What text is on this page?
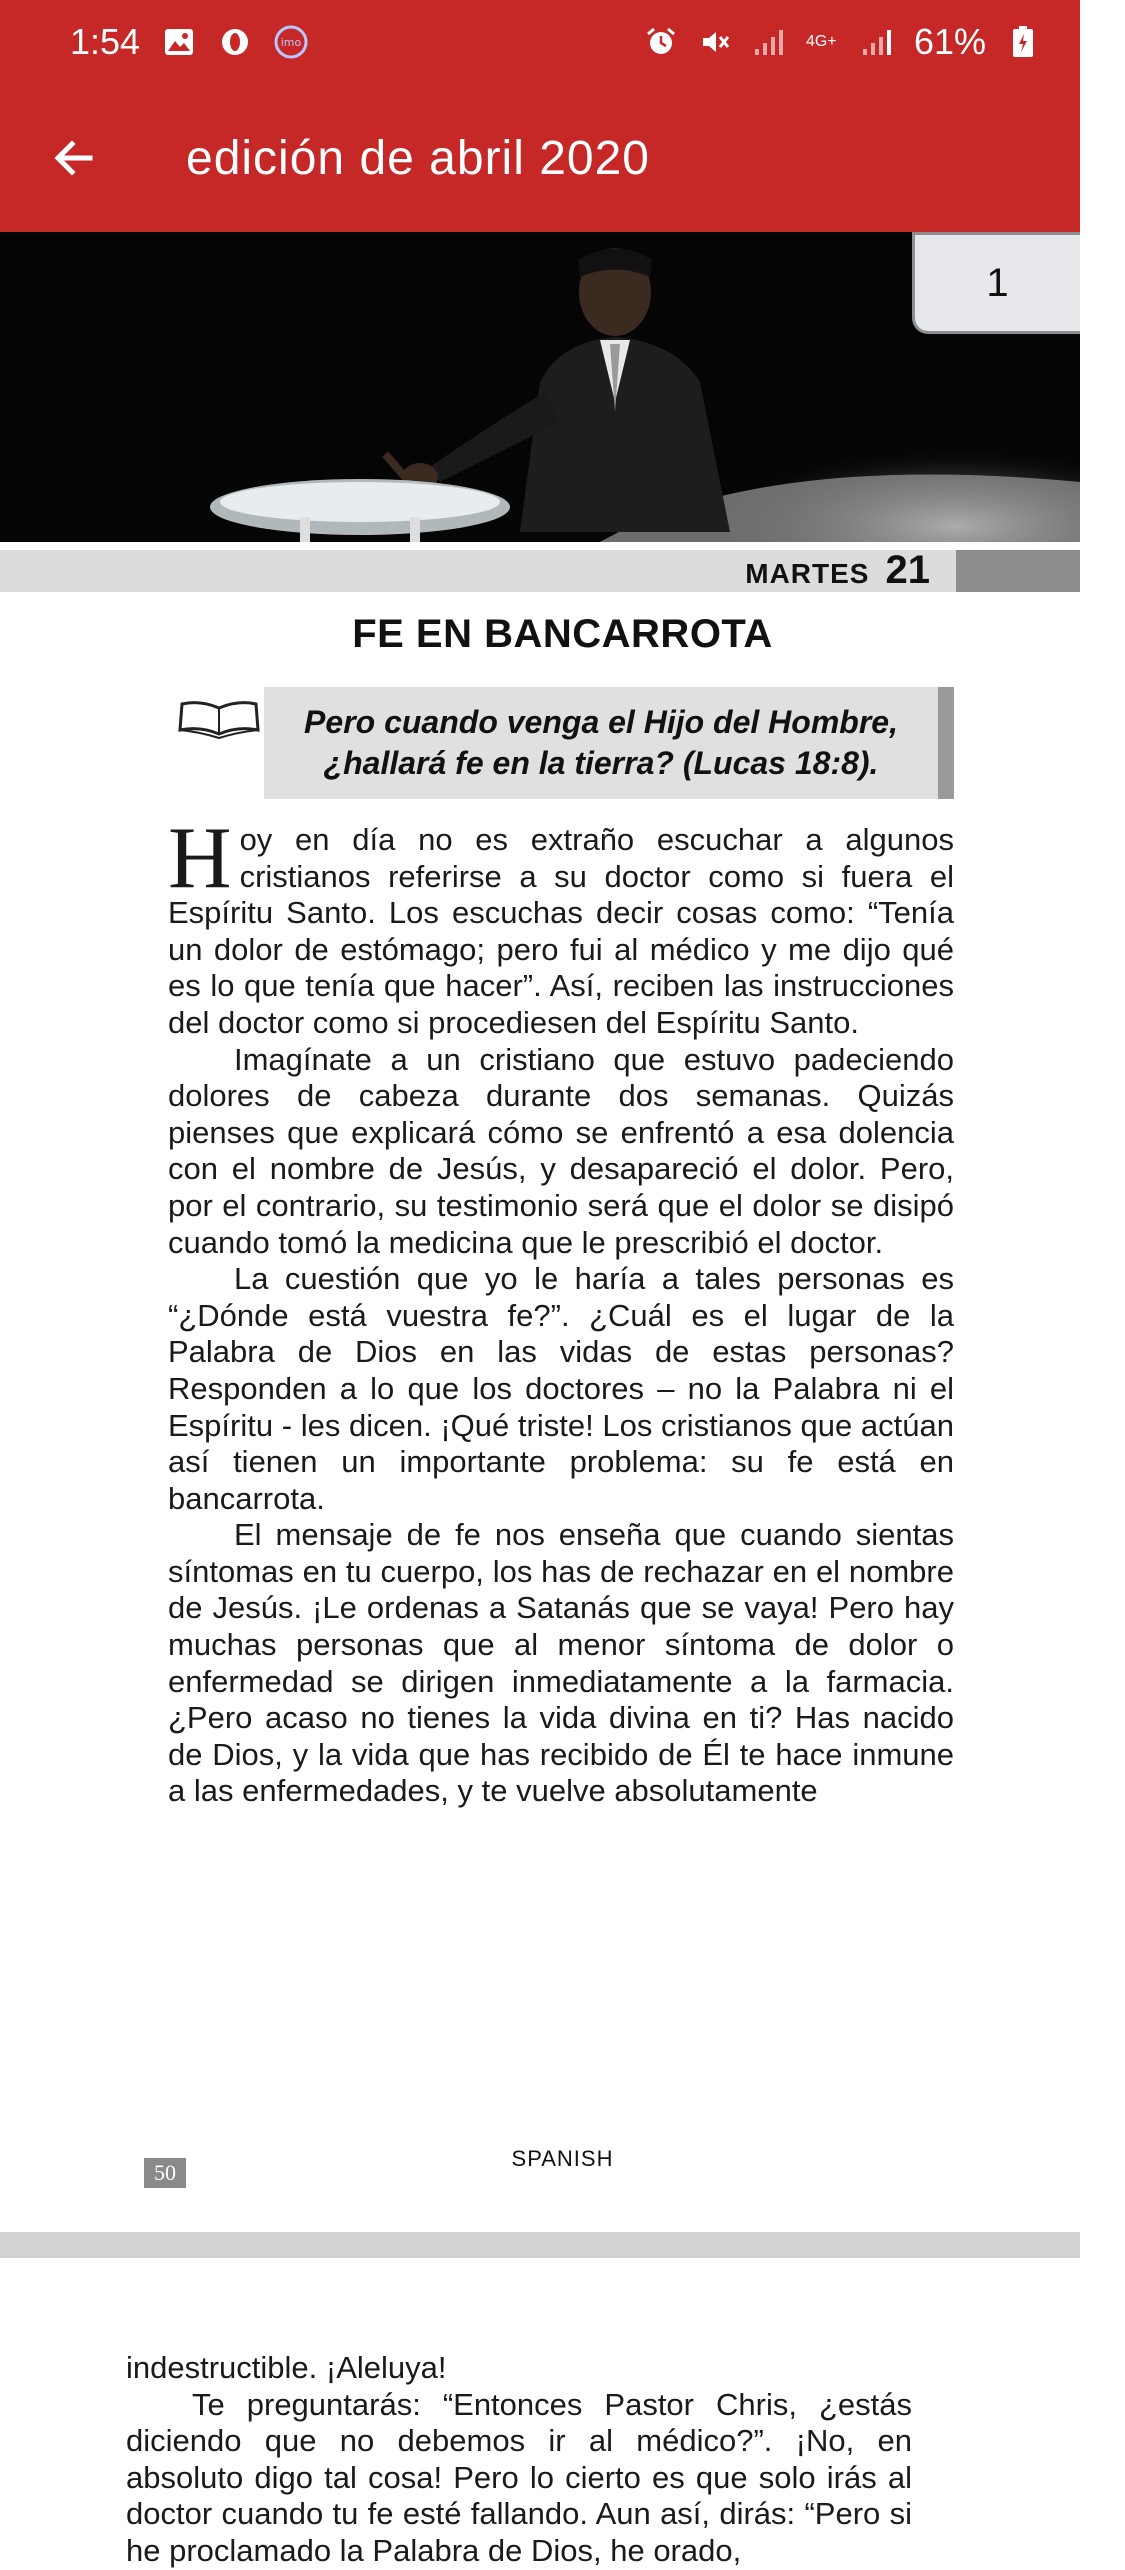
1:54	imo	4G+ 61%
edición de abril 2020
1
MARTES 21
FE EN BANCARROTA
Pero cuando venga el Hijo del Hombre,
¿hallará fe en la tierra? (Lucas 18:8).

Hoy en día no es extraño escuchar a algunos cristianos referirse a su doctor como si fuera el Espíritu Santo. Los escuchas decir cosas como: “Tenía un dolor de estómago; pero fui al médico y me dijo qué es lo que tenía que hacer”. Así, reciben las instrucciones del doctor como si procediesen del Espíritu Santo.

Imagínate a un cristiano que estuvo padeciendo dolores de cabeza durante dos semanas. Quizás pienses que explicará cómo se enfrentó a esa dolencia con el nombre de Jesús, y desapareció el dolor. Pero, por el contrario, su testimonio será que el dolor se disipó cuando tomó la medicina que le prescribió el doctor.

La cuestión que yo le haría a tales personas es “¿Dónde está vuestra fe?”. ¿Cuál es el lugar de la Palabra de Dios en las vidas de estas personas? Responden a lo que los doctores – no la Palabra ni el Espíritu - les dicen. ¡Qué triste! Los cristianos que actúan así tienen un importante problema: su fe está en bancarrota.

El mensaje de fe nos enseña que cuando sientas síntomas en tu cuerpo, los has de rechazar en el nombre de Jesús. ¡Le ordenas a Satanás que se vaya! Pero hay muchas personas que al menor síntoma de dolor o enfermedad se dirigen inmediatamente a la farmacia. ¿Pero acaso no tienes la vida divina en ti? Has nacido de Dios, y la vida que has recibido de Él te hace inmune a las enfermedades, y te vuelve absolutamente

50
SPANISH

indestructible. ¡Aleluya!

Te preguntarás: “Entonces Pastor Chris, ¿estás diciendo que no debemos ir al médico?”. ¡No, en absoluto digo tal cosa! Pero lo cierto es que solo irás al doctor cuando tu fe esté fallando. Aun así, dirás: “Pero si he proclamado la Palabra de Dios, he orado,
